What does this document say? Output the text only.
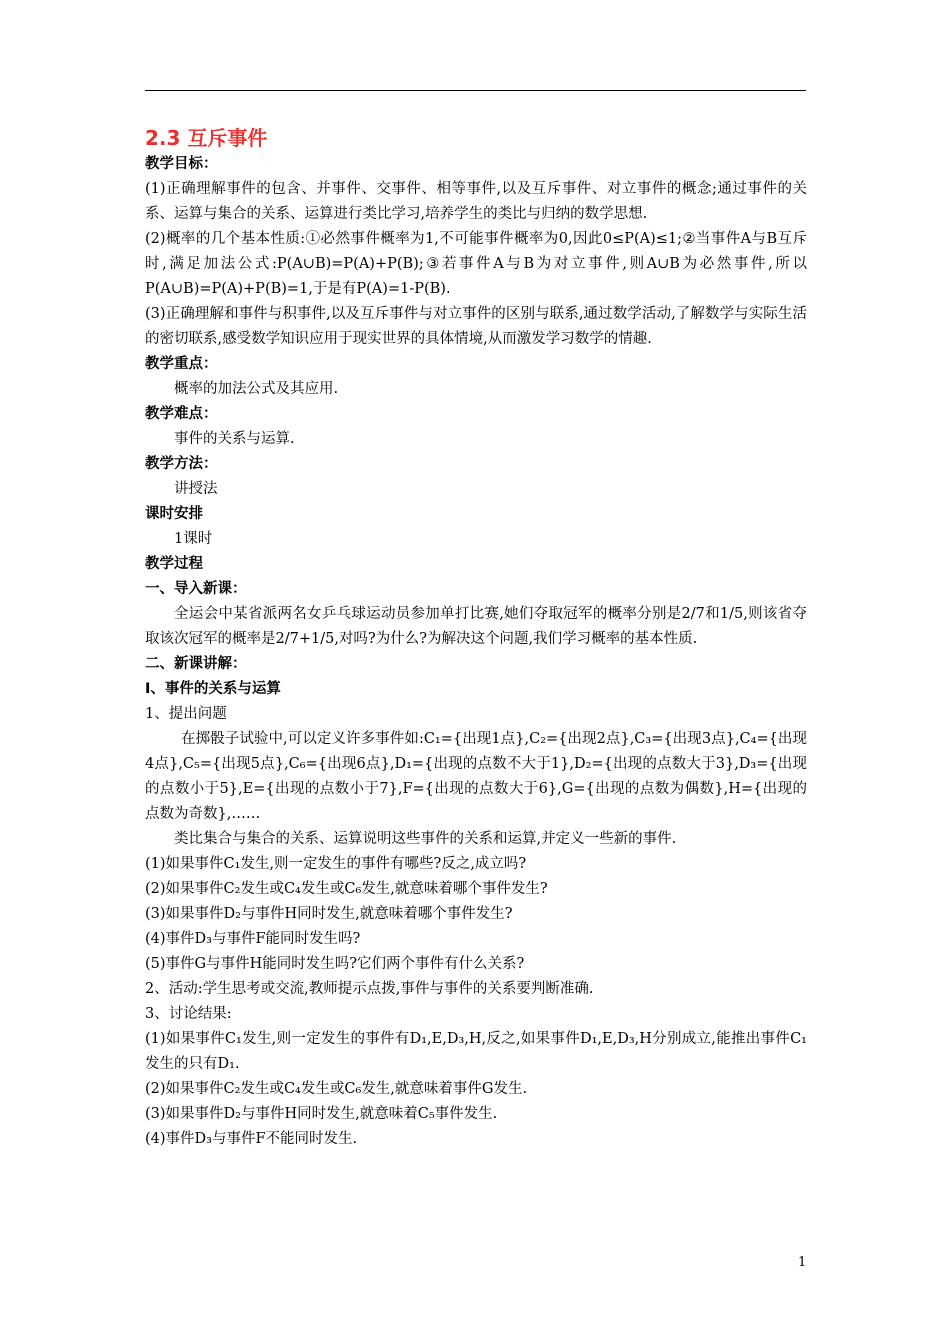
2.3 互斥事件

教学目标：

(1)正确理解事件的包含、并事件、交事件、相等事件,以及互斥事件、对立事件的概念;通过事件的关系、运算与集合的关系、运算进行类比学习,培养学生的类比与归纳的数学思想.

(2)概率的几个基本性质:①必然事件概率为1,不可能事件概率为0,因此0≤P(A)≤1;②当事件A与B互斥时,满足加法公式:P(A∪B)=P(A)+P(B);③若事件A与B为对立事件,则A∪B为必然事件,所以P(A∪B)=P(A)+P(B)=1,于是有P(A)=1-P(B).

(3)正确理解和事件与积事件,以及互斥事件与对立事件的区别与联系,通过数学活动,了解数学与实际生活的密切联系,感受数学知识应用于现实世界的具体情境,从而激发学习数学的情趣.

教学重点：

概率的加法公式及其应用.

教学难点：

事件的关系与运算.

教学方法：

讲授法

课时安排

1课时

教学过程

一、导入新课：

全运会中某省派两名女乒乓球运动员参加单打比赛,她们夺取冠军的概率分别是2/7和1/5,则该省夺取该次冠军的概率是2/7+1/5,对吗?为什么?为解决这个问题,我们学习概率的基本性质.

二、新课讲解：

Ⅰ、事件的关系与运算

1、提出问题

在掷骰子试验中,可以定义许多事件如:C₁={出现1点},C₂={出现2点},C₃={出现3点},C₄={出现4点},C₅={出现5点},C₆={出现6点},D₁={出现的点数不大于1},D₂={出现的点数大于3},D₃={出现的点数小于5},E={出现的点数小于7},F={出现的点数大于6},G={出现的点数为偶数},H={出现的点数为奇数},……

类比集合与集合的关系、运算说明这些事件的关系和运算,并定义一些新的事件.

(1)如果事件C₁发生,则一定发生的事件有哪些?反之,成立吗?

(2)如果事件C₂发生或C₄发生或C₆发生,就意味着哪个事件发生?

(3)如果事件D₂与事件H同时发生,就意味着哪个事件发生?

(4)事件D₃与事件F能同时发生吗?

(5)事件G与事件H能同时发生吗?它们两个事件有什么关系?

2、活动:学生思考或交流,教师提示点拨,事件与事件的关系要判断准确.

3、讨论结果:

(1)如果事件C₁发生,则一定发生的事件有D₁,E,D₃,H,反之,如果事件D₁,E,D₃,H分别成立,能推出事件C₁发生的只有D₁.

(2)如果事件C₂发生或C₄发生或C₆发生,就意味着事件G发生.

(3)如果事件D₂与事件H同时发生,就意味着C₅事件发生.

(4)事件D₃与事件F不能同时发生.

1
